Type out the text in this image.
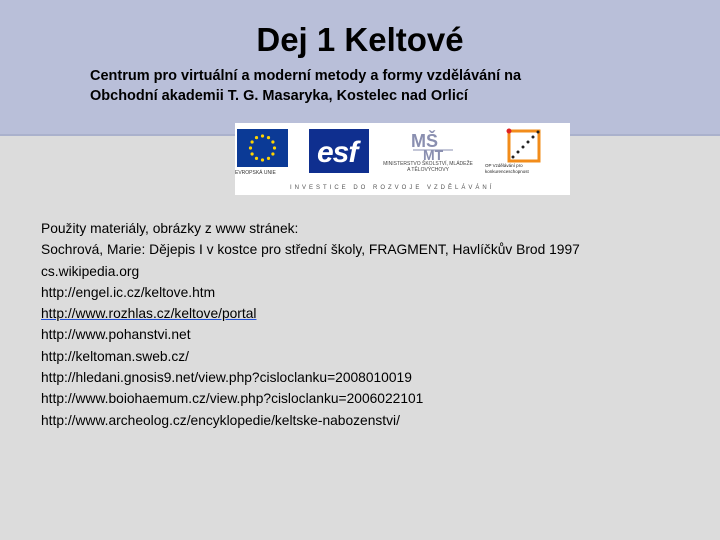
Dej 1 Keltové
Centrum pro virtuální a moderní metody a formy vzdělávání na
Obchodní akademii T. G. Masaryka, Kostelec nad Orlicí
EVROPSKÁ UNIE
esf	MŠ
MT
MINISTERSTVO ŠKOLSTVÍ, MLÁDEŽE A TĚLOVÝCHOVY
OP Vzdělávání pro konkurenceschopnost
INVESTICE DO ROZVOJE VZDĚLÁVÁNÍ
Použity materiály, obrázky z www stránek:
Sochrová, Marie: Dějepis I v kostce pro střední školy, FRAGMENT, Havlíčkův Brod 1997
cs.wikipedia.org
http://engel.ic.cz/keltove.htm
http://www.rozhlas.cz/keltove/portal
http://www.pohanstvi.net
http://keltoman.sweb.cz/
http://hledani.gnosis9.net/view.php?cisloclanku=2008010019
http://www.boiohaemum.cz/view.php?cisloclanku=2006022101
http://www.archeolog.cz/encyklopedie/keltske-nabozenstvi/
